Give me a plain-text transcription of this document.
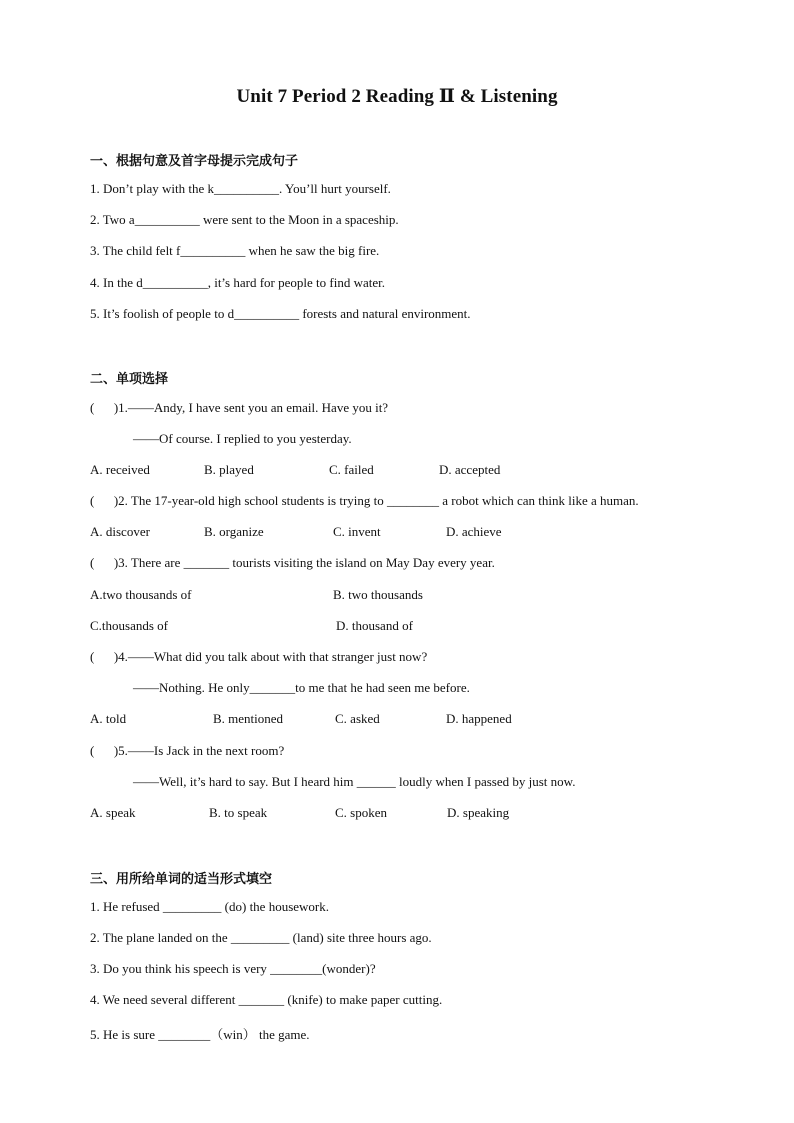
Unit 7 Period 2 Reading Ⅱ & Listening
一、根据句意及首字母提示完成句子
1. Don’t play with the k__________. You’ll hurt yourself.
2. Two a__________ were sent to the Moon in a spaceship.
3. The child felt f__________ when he saw the big fire.
4. In the d__________, it’s hard for people to find water.
5. It’s foolish of people to d__________ forests and natural environment.
二、单项选择
(      )1.——Andy, I have sent you an email. Have you it?
——Of course. I replied to you yesterday.
A. received	B. played	C. failed	D. accepted
(      )2. The 17-year-old high school students is trying to ________ a robot which can think like a human.
A. discover	B. organize	C. invent	D. achieve
(      )3. There are _______ tourists visiting the island on May Day every year.
A.two thousands of	B. two thousands
C.thousands of	D. thousand of
(      )4.——What did you talk about with that stranger just now?
——Nothing. He only_______to me that he had seen me before.
A. told	B. mentioned	C. asked	D. happened
(      )5.——Is Jack in the next room?
——Well, it’s hard to say. But I heard him ______ loudly when I passed by just now.
A. speak	B. to speak	C. spoken	D. speaking
三、用所给单词的适当形式填空
1. He refused _________ (do) the housework.
2. The plane landed on the _________ (land) site three hours ago.
3. Do you think his speech is very ________(wonder)?
4. We need several different _______ (knife) to make paper cutting.
5. He is sure ________（win） the game.
